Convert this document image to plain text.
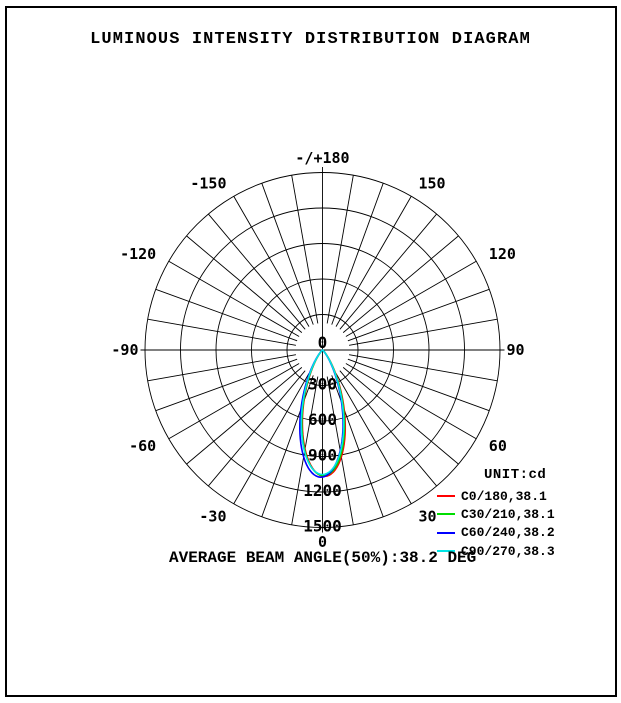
LUMINOUS INTENSITY DISTRIBUTION DIAGRAM
0
300
600
900
1200
1500
-/+180
-150	150
-120	120
-90	90
-60	60
-30	30
0
UNIT:cd
C0/180,38.1
C30/210,38.1
C60/240,38.2
C90/270,38.3
AVERAGE BEAM ANGLE(50%):38.2 DEG
